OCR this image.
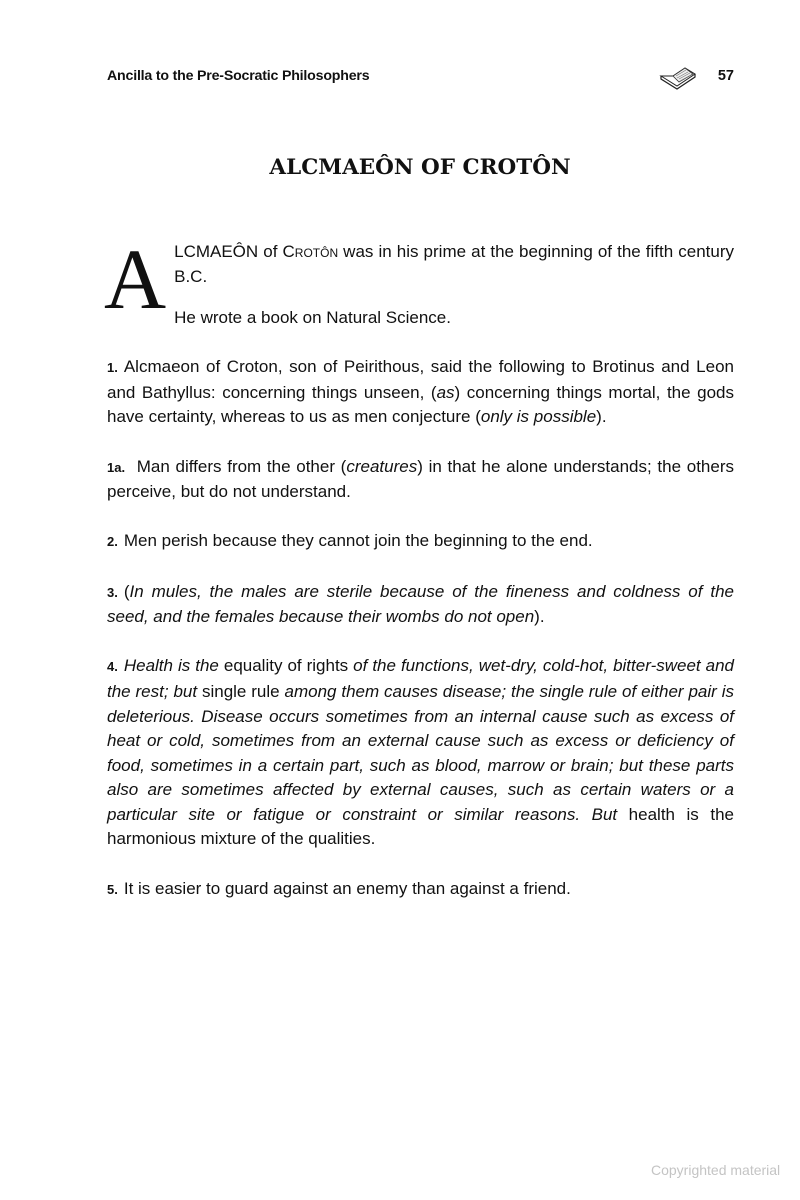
Ancilla to the Pre-Socratic Philosophers	57
ALCMAEÔN OF CROTÔN
A LCMAEÔN of Crotôn was in his prime at the beginning of the fifth century B.C.

He wrote a book on Natural Science.

1. Alcmaeon of Croton, son of Peirithous, said the following to Brotinus and Leon and Bathyllus: concerning things unseen, (as) concerning things mortal, the gods have certainty, whereas to us as men conjecture (only is possible).

1a. Man differs from the other (creatures) in that he alone understands; the others perceive, but do not understand.

2. Men perish because they cannot join the beginning to the end.

3. (In mules, the males are sterile because of the fineness and coldness of the seed, and the females because their wombs do not open).

4. Health is the equality of rights of the functions, wet-dry, cold-hot, bitter-sweet and the rest; but single rule among them causes disease; the single rule of either pair is deleterious. Disease occurs sometimes from an internal cause such as excess of heat or cold, sometimes from an external cause such as excess or deficiency of food, sometimes in a certain part, such as blood, marrow or brain; but these parts also are sometimes affected by external causes, such as certain waters or a particular site or fatigue or constraint or similar reasons. But health is the harmonious mixture of the qualities.

5. It is easier to guard against an enemy than against a friend.

Copyrighted material
